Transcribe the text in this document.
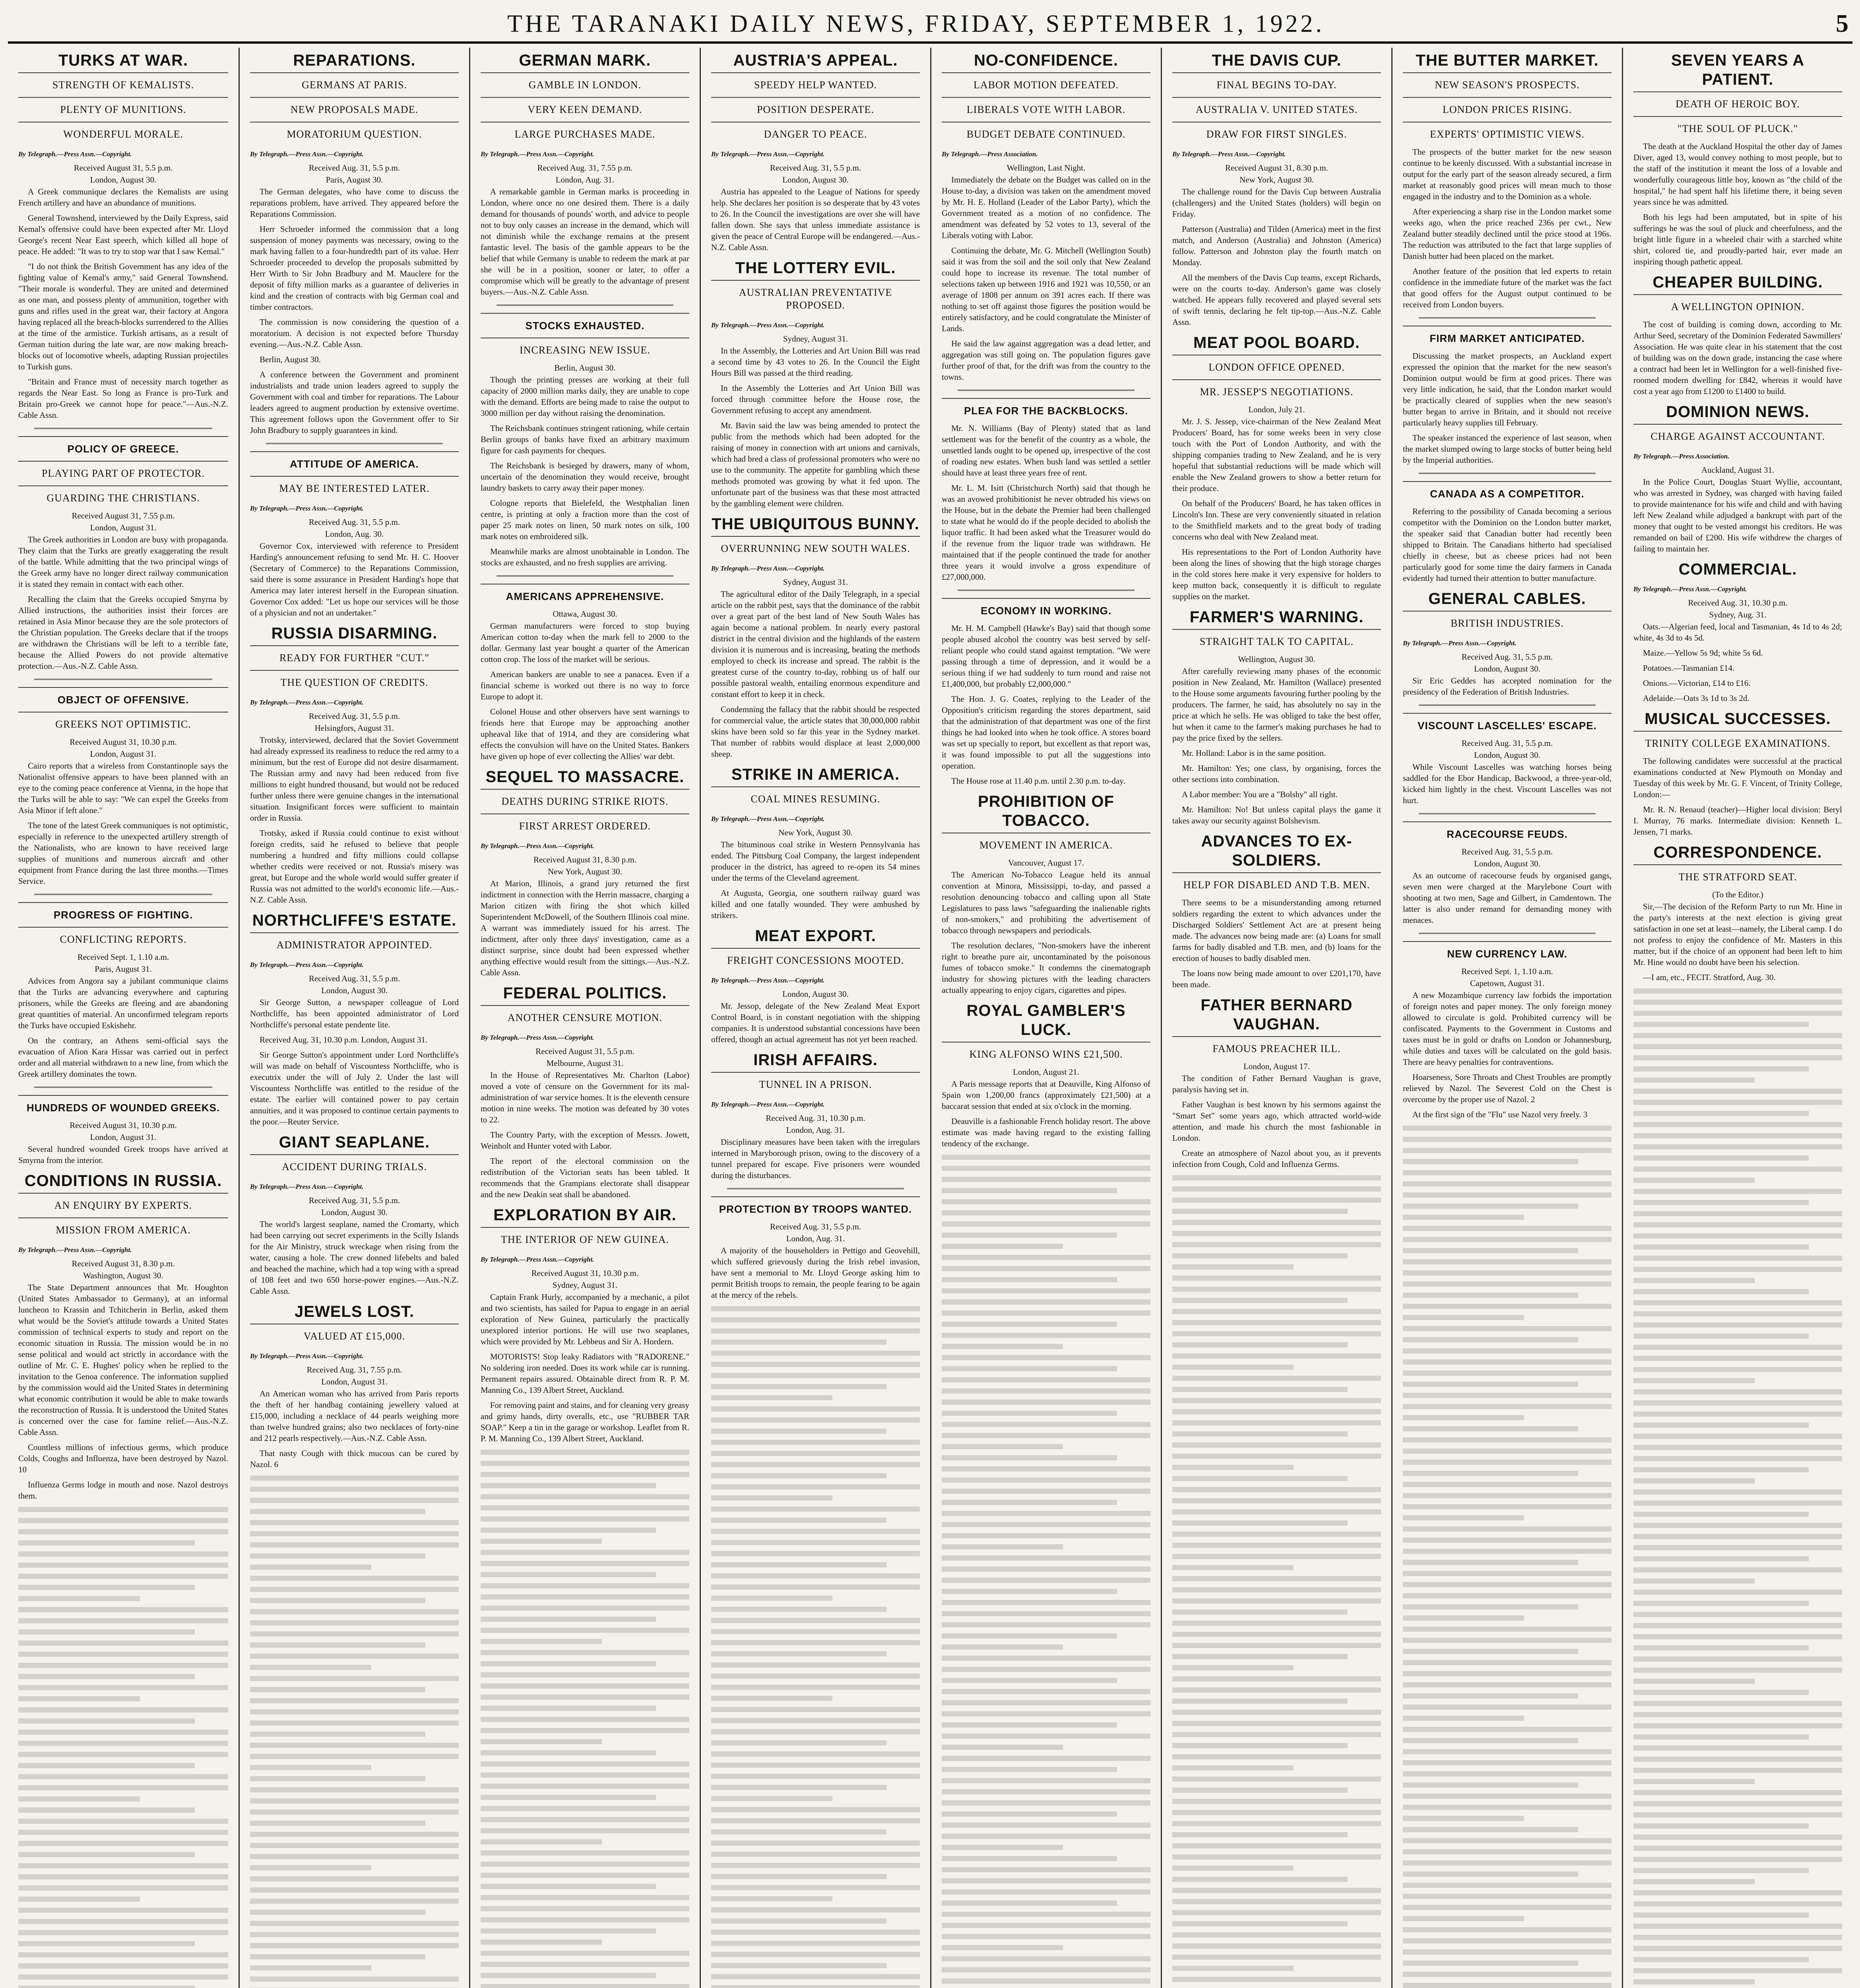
THE TARANAKI DAILY NEWS, FRIDAY, SEPTEMBER 1, 1922.	5
TURKS AT WAR.
STRENGTH OF KEMALISTS.
PLENTY OF MUNITIONS.
WONDERFUL MORALE.
By Telegraph.—Press Assn.—Copyright.
Received August 31, 5.5 p.m.
London, August 30.

A Greek communique declares the Kemalists are using French artillery and have an abundance of munitions.

General Townshend, interviewed by the Daily Express, said Kemal's offensive could have been expected after Mr. Lloyd George's recent Near East speech, which killed all hope of peace. He added: "It was to try to stop war that I saw Kemal."

"I do not think the British Government has any idea of the fighting value of Kemal's army," said General Townshend. "Their morale is wonderful. They are united and determined as one man, and possess plenty of ammunition, together with guns and rifles used in the great war, their factory at Angora having replaced all the breach-blocks surrendered to the Allies at the time of the armistice. Turkish artisans, as a result of German tuition during the late war, are now making breach-blocks out of locomotive wheels, adapting Russian projectiles to Turkish guns.

"Britain and France must of necessity march together as regards the Near East. So long as France is pro-Turk and Britain pro-Greek we cannot hope for peace."—Aus.-N.Z. Cable Assn.

POLICY OF GREECE.
PLAYING PART OF PROTECTOR.
GUARDING THE CHRISTIANS.
Received August 31, 7.55 p.m.
London, August 31.

The Greek authorities in London are busy with propaganda. They claim that the Turks are greatly exaggerating the result of the battle. While admitting that the two principal wings of the Greek army have no longer direct railway communication it is stated they remain in contact with each other.

Recalling the claim that the Greeks occupied Smyrna by Allied instructions, the authorities insist their forces are retained in Asia Minor because they are the sole protectors of the Christian population. The Greeks declare that if the troops are withdrawn the Christians will be left to a terrible fate, because the Allied Powers do not provide alternative protection.—Aus.-N.Z. Cable Assn.

OBJECT OF OFFENSIVE.
GREEKS NOT OPTIMISTIC.
Received August 31, 10.30 p.m.
London, August 31.

Cairo reports that a wireless from Constantinople says the Nationalist offensive appears to have been planned with an eye to the coming peace conference at Vienna, in the hope that the Turks will be able to say: "We can expel the Greeks from Asia Minor if left alone."

The tone of the latest Greek communiques is not optimistic, especially in reference to the unexpected artillery strength of the Nationalists, who are known to have received large supplies of munitions and numerous aircraft and other equipment from France during the last three months.—Times Service.

PROGRESS OF FIGHTING.
CONFLICTING REPORTS.
Received Sept. 1, 1.10 a.m.
Paris, August 31.

Advices from Angora say a jubilant communique claims that the Turks are advancing everywhere and capturing prisoners, while the Greeks are fleeing and are abandoning great quantities of material. An unconfirmed telegram reports the Turks have occupied Eskishehr.

On the contrary, an Athens semi-official says the evacuation of Afion Kara Hissar was carried out in perfect order and all material withdrawn to a new line, from which the Greek artillery dominates the town.

HUNDREDS OF WOUNDED GREEKS.
Received August 31, 10.30 p.m.
London, August 31.

Several hundred wounded Greek troops have arrived at Smyrna from the interior.

CONDITIONS IN RUSSIA.
AN ENQUIRY BY EXPERTS.
MISSION FROM AMERICA.
By Telegraph.—Press Assn.—Copyright.
Received August 31, 8.30 p.m.
Washington, August 30.

The State Department announces that Mr. Houghton (United States Ambassador to Germany), at an informal luncheon to Krassin and Tchitcherin in Berlin, asked them what would be the Soviet's attitude towards a United States commission of technical experts to study and report on the economic situation in Russia. The mission would be in no sense political and would act strictly in accordance with the outline of Mr. C. E. Hughes' policy when he replied to the invitation to the Genoa conference. The information supplied by the commission would aid the United States in determining what economic contribution it would be able to make towards the reconstruction of Russia. It is understood the United States is concerned over the case for famine relief.—Aus.-N.Z. Cable Assn.

Countless millions of infectious germs, which produce Colds, Coughs and Influenza, have been destroyed by Nazol. 10

Influenza Germs lodge in mouth and nose. Nazol destroys them.

REPARATIONS.
GERMANS AT PARIS.
NEW PROPOSALS MADE.
MORATORIUM QUESTION.
By Telegraph.—Press Assn.—Copyright.
Received Aug. 31, 5.5 p.m.
Paris, August 30.

The German delegates, who have come to discuss the reparations problem, have arrived. They appeared before the Reparations Commission.

Herr Schroeder informed the commission that a long suspension of money payments was necessary, owing to the mark having fallen to a four-hundredth part of its value. Herr Schroeder proceeded to develop the proposals submitted by Herr Wirth to Sir John Bradbury and M. Mauclere for the deposit of fifty million marks as a guarantee of deliveries in kind and the creation of contracts with big German coal and timber contractors.

The commission is now considering the question of a moratorium. A decision is not expected before Thursday evening.—Aus.-N.Z. Cable Assn.

Berlin, August 30.

A conference between the Government and prominent industrialists and trade union leaders agreed to supply the Government with coal and timber for reparations. The Labour leaders agreed to augment production by extensive overtime. This agreement follows upon the Government offer to Sir John Bradbury to supply guarantees in kind.

ATTITUDE OF AMERICA.
MAY BE INTERESTED LATER.
By Telegraph.—Press Assn.—Copyright.
Received Aug. 31, 5.5 p.m.
London, Aug. 30.

Governor Cox, interviewed with reference to President Harding's announcement refusing to send Mr. H. C. Hoover (Secretary of Commerce) to the Reparations Commission, said there is some assurance in President Harding's hope that America may later interest herself in the European situation. Governor Cox added: "Let us hope our services will be those of a physician and not an undertaker."

RUSSIA DISARMING.
READY FOR FURTHER "CUT."
THE QUESTION OF CREDITS.
By Telegraph.—Press Assn.—Copyright.
Received Aug. 31, 5.5 p.m.
Helsingfors, August 31.

Trotsky, interviewed, declared that the Soviet Government had already expressed its readiness to reduce the red army to a minimum, but the rest of Europe did not desire disarmament. The Russian army and navy had been reduced from five millions to eight hundred thousand, but would not be reduced further unless there were genuine changes in the international situation. Insignificant forces were sufficient to maintain order in Russia.

Trotsky, asked if Russia could continue to exist without foreign credits, said he refused to believe that people numbering a hundred and fifty millions could collapse whether credits were received or not. Russia's misery was great, but Europe and the whole world would suffer greater if Russia was not admitted to the world's economic life.—Aus.-N.Z. Cable Assn.

NORTHCLIFFE'S ESTATE.
ADMINISTRATOR APPOINTED.
By Telegraph.—Press Assn.—Copyright.
Received Aug. 31, 5.5 p.m.
London, August 30.

Sir George Sutton, a newspaper colleague of Lord Northcliffe, has been appointed administrator of Lord Northcliffe's personal estate pendente lite.

Received Aug. 31, 10.30 p.m. London, August 31.

Sir George Sutton's appointment under Lord Northcliffe's will was made on behalf of Viscountess Northcliffe, who is executrix under the will of July 2. Under the last will Viscountess Northcliffe was entitled to the residue of the estate. The earlier will contained power to pay certain annuities, and it was proposed to continue certain payments to the poor.—Reuter Service.

GIANT SEAPLANE.
ACCIDENT DURING TRIALS.
By Telegraph.—Press Assn.—Copyright.
Received Aug. 31, 5.5 p.m.
London, August 30.

The world's largest seaplane, named the Cromarty, which had been carrying out secret experiments in the Scilly Islands for the Air Ministry, struck wreckage when rising from the water, causing a hole. The crew donned lifebelts and baled and beached the machine, which had a top wing with a spread of 108 feet and two 650 horse-power engines.—Aus.-N.Z. Cable Assn.

JEWELS LOST.
VALUED AT £15,000.
By Telegraph.—Press Assn.—Copyright.
Received Aug. 31, 7.55 p.m.
London, August 31.

An American woman who has arrived from Paris reports the theft of her handbag containing jewellery valued at £15,000, including a necklace of 44 pearls weighing more than twelve hundred grains; also two necklaces of forty-nine and 212 pearls respectively.—Aus.-N.Z. Cable Assn.

That nasty Cough with thick mucous can be cured by Nazol. 6

GERMAN MARK.
GAMBLE IN LONDON.
VERY KEEN DEMAND.
LARGE PURCHASES MADE.
By Telegraph.—Press Assn.—Copyright.
Received Aug. 31, 7.55 p.m.
London, Aug. 31.

A remarkable gamble in German marks is proceeding in London, where once no one desired them. There is a daily demand for thousands of pounds' worth, and advice to people not to buy only causes an increase in the demand, which will not diminish while the exchange remains at the present fantastic level. The basis of the gamble appears to be the belief that while Germany is unable to redeem the mark at par she will be in a position, sooner or later, to offer a compromise which will be greatly to the advantage of present buyers.—Aus.-N.Z. Cable Assn.

STOCKS EXHAUSTED.
INCREASING NEW ISSUE.
Berlin, August 30.

Though the printing presses are working at their full capacity of 2000 million marks daily, they are unable to cope with the demand. Efforts are being made to raise the output to 3000 million per day without raising the denomination.

The Reichsbank continues stringent rationing, while certain Berlin groups of banks have fixed an arbitrary maximum figure for cash payments for cheques.

The Reichsbank is besieged by drawers, many of whom, uncertain of the denomination they would receive, brought laundry baskets to carry away their paper money.

Cologne reports that Bielefeld, the Westphalian linen centre, is printing at only a fraction more than the cost of paper 25 mark notes on linen, 50 mark notes on silk, 100 mark notes on embroidered silk.

Meanwhile marks are almost unobtainable in London. The stocks are exhausted, and no fresh supplies are arriving.

AMERICANS APPREHENSIVE.
Ottawa, August 30.

German manufacturers were forced to stop buying American cotton to-day when the mark fell to 2000 to the dollar. Germany last year bought a quarter of the American cotton crop. The loss of the market will be serious.

American bankers are unable to see a panacea. Even if a financial scheme is worked out there is no way to force Europe to adopt it.

Colonel House and other observers have sent warnings to friends here that Europe may be approaching another upheaval like that of 1914, and they are considering what effects the convulsion will have on the United States. Bankers have given up hope of ever collecting the Allies' war debt.

SEQUEL TO MASSACRE.
DEATHS DURING STRIKE RIOTS.
FIRST ARREST ORDERED.
By Telegraph.—Press Assn.—Copyright.
Received August 31, 8.30 p.m.
New York, August 30.

At Marion, Illinois, a grand jury returned the first indictment in connection with the Herrin massacre, charging a Marion citizen with firing the shot which killed Superintendent McDowell, of the Southern Illinois coal mine. A warrant was immediately issued for his arrest. The indictment, after only three days' investigation, came as a distinct surprise, since doubt had been expressed whether anything effective would result from the sittings.—Aus.-N.Z. Cable Assn.

FEDERAL POLITICS.
ANOTHER CENSURE MOTION.
By Telegraph.—Press Assn.—Copyright.
Received August 31, 5.5 p.m.
Melbourne, August 31.

In the House of Representatives Mr. Charlton (Labor) moved a vote of censure on the Government for its mal-administration of war service homes. It is the eleventh censure motion in nine weeks. The motion was defeated by 30 votes to 22.

The Country Party, with the exception of Messrs. Jowett, Weinholt and Hunter voted with Labor.

The report of the electoral commission on the redistribution of the Victorian seats has been tabled. It recommends that the Grampians electorate shall disappear and the new Deakin seat shall be abandoned.

EXPLORATION BY AIR.
THE INTERIOR OF NEW GUINEA.
By Telegraph.—Press Assn.—Copyright.
Received August 31, 10.30 p.m.
Sydney, August 31.

Captain Frank Hurly, accompanied by a mechanic, a pilot and two scientists, has sailed for Papua to engage in an aerial exploration of New Guinea, particularly the practically unexplored interior portions. He will use two seaplanes, which were provided by Mr. Lebbeus and Sir A. Hordern.

MOTORISTS! Stop leaky Radiators with "RADORENE." No soldering iron needed. Does its work while car is running. Permanent repairs assured. Obtainable direct from R. P. M. Manning Co., 139 Albert Street, Auckland.

For removing paint and stains, and for cleaning very greasy and grimy hands, dirty overalls, etc., use "RUBBER TAR SOAP." Keep a tin in the garage or workshop. Leaflet from R. P. M. Manning Co., 139 Albert Street, Auckland.

AUSTRIA'S APPEAL.
SPEEDY HELP WANTED.
POSITION DESPERATE.
DANGER TO PEACE.
By Telegraph.—Press Assn.—Copyright.
Received Aug. 31, 5.5 p.m.
London, August 30.

Austria has appealed to the League of Nations for speedy help. She declares her position is so desperate that by 43 votes to 26. In the Council the investigations are over she will have fallen down. She says that unless immediate assistance is given the peace of Central Europe will be endangered.—Aus.-N.Z. Cable Assn.

THE LOTTERY EVIL.
AUSTRALIAN PREVENTATIVE PROPOSED.
By Telegraph.—Press Assn.—Copyright.
Sydney, August 31.

In the Assembly, the Lotteries and Art Union Bill was read a second time by 43 votes to 26. In the Council the Eight Hours Bill was passed at the third reading.

In the Assembly the Lotteries and Art Union Bill was forced through committee before the House rose, the Government refusing to accept any amendment.

Mr. Bavin said the law was being amended to protect the public from the methods which had been adopted for the raising of money in connection with art unions and carnivals, which had bred a class of professional promoters who were no use to the community. The appetite for gambling which these methods promoted was growing by what it fed upon. The unfortunate part of the business was that these most attracted by the gambling element were children.

THE UBIQUITOUS BUNNY.
OVERRUNNING NEW SOUTH WALES.
By Telegraph.—Press Assn.—Copyright.
Sydney, August 31.

The agricultural editor of the Daily Telegraph, in a special article on the rabbit pest, says that the dominance of the rabbit over a great part of the best land of New South Wales has again become a national problem. In nearly every pastoral district in the central division and the highlands of the eastern division it is numerous and is increasing, beating the methods employed to check its increase and spread. The rabbit is the greatest curse of the country to-day, robbing us of half our possible pastoral wealth, entailing enormous expenditure and constant effort to keep it in check.

Condemning the fallacy that the rabbit should be respected for commercial value, the article states that 30,000,000 rabbit skins have been sold so far this year in the Sydney market. That number of rabbits would displace at least 2,000,000 sheep.

STRIKE IN AMERICA.
COAL MINES RESUMING.
By Telegraph.—Press Assn.—Copyright.
New York, August 30.

The bituminous coal strike in Western Pennsylvania has ended. The Pittsburg Coal Company, the largest independent producer in the district, has agreed to re-open its 54 mines under the terms of the Cleveland agreement.

At Augusta, Georgia, one southern railway guard was killed and one fatally wounded. They were ambushed by strikers.

MEAT EXPORT.
FREIGHT CONCESSIONS MOOTED.
By Telegraph.—Press Assn.—Copyright.
London, August 30.

Mr. Jessop, delegate of the New Zealand Meat Export Control Board, is in constant negotiation with the shipping companies. It is understood substantial concessions have been offered, though an actual agreement has not yet been reached.

IRISH AFFAIRS.
TUNNEL IN A PRISON.
By Telegraph.—Press Assn.—Copyright.
Received Aug. 31, 10.30 p.m.
London, Aug. 31.

Disciplinary measures have been taken with the irregulars interned in Maryborough prison, owing to the discovery of a tunnel prepared for escape. Five prisoners were wounded during the disturbances.

PROTECTION BY TROOPS WANTED.
Received Aug. 31, 5.5 p.m.
London, Aug. 31.

A majority of the householders in Pettigo and Geovehill, which suffered grievously during the Irish rebel invasion, have sent a memorial to Mr. Lloyd George asking him to permit British troops to remain, the people fearing to be again at the mercy of the rebels.

NO-CONFIDENCE.
LABOR MOTION DEFEATED.
LIBERALS VOTE WITH LABOR.
BUDGET DEBATE CONTINUED.
By Telegraph.—Press Association.
Wellington, Last Night.

Immediately the debate on the Budget was called on in the House to-day, a division was taken on the amendment moved by Mr. H. E. Holland (Leader of the Labor Party), which the Government treated as a motion of no confidence. The amendment was defeated by 52 votes to 13, several of the Liberals voting with Labor.

Continuing the debate, Mr. G. Mitchell (Wellington South) said it was from the soil and the soil only that New Zealand could hope to increase its revenue. The total number of selections taken up between 1916 and 1921 was 10,550, or an average of 1808 per annum on 391 acres each. If there was nothing to set off against those figures the position would be entirely satisfactory, and he could congratulate the Minister of Lands.

He said the law against aggregation was a dead letter, and aggregation was still going on. The population figures gave further proof of that, for the drift was from the country to the towns.

PLEA FOR THE BACKBLOCKS.

Mr. N. Williams (Bay of Plenty) stated that as land settlement was for the benefit of the country as a whole, the unsettled lands ought to be opened up, irrespective of the cost of roading new estates. When bush land was settled a settler should have at least three years free of rent.

Mr. L. M. Isitt (Christchurch North) said that though he was an avowed prohibitionist he never obtruded his views on the House, but in the debate the Premier had been challenged to state what he would do if the people decided to abolish the liquor traffic. It had been asked what the Treasurer would do if the revenue from the liquor trade was withdrawn. He maintained that if the people continued the trade for another three years it would involve a gross expenditure of £27,000,000.

ECONOMY IN WORKING.

Mr. H. M. Campbell (Hawke's Bay) said that though some people abused alcohol the country was best served by self-reliant people who could stand against temptation. "We were passing through a time of depression, and it would be a serious thing if we had suddenly to turn round and raise not £1,400,000, but probably £2,000,000."

The Hon. J. G. Coates, replying to the Leader of the Opposition's criticism regarding the stores department, said that the administration of that department was one of the first things he had looked into when he took office. A stores board was set up specially to report, but excellent as that report was, it was found impossible to put all the suggestions into operation.

The House rose at 11.40 p.m. until 2.30 p.m. to-day.

PROHIBITION OF TOBACCO.
MOVEMENT IN AMERICA.
Vancouver, August 17.

The American No-Tobacco League held its annual convention at Minora, Mississippi, to-day, and passed a resolution denouncing tobacco and calling upon all State Legislatures to pass laws "safeguarding the inalienable rights of non-smokers," and prohibiting the advertisement of tobacco through newspapers and periodicals.

The resolution declares, "Non-smokers have the inherent right to breathe pure air, uncontaminated by the poisonous fumes of tobacco smoke." It condemns the cinematograph industry for showing pictures with the leading characters actually appearing to enjoy cigars, cigarettes and pipes.

ROYAL GAMBLER'S LUCK.
KING ALFONSO WINS £21,500.
London, August 21.

A Paris message reports that at Deauville, King Alfonso of Spain won 1,200,00 francs (approximately £21,500) at a baccarat session that ended at six o'clock in the morning.

Deauville is a fashionable French holiday resort. The above estimate was made having regard to the existing falling tendency of the exchange.

THE DAVIS CUP.
FINAL BEGINS TO-DAY.
AUSTRALIA V. UNITED STATES.
DRAW FOR FIRST SINGLES.
By Telegraph.—Press Assn.—Copyright.
Received August 31, 8.30 p.m.
New York, August 30.

The challenge round for the Davis Cup between Australia (challengers) and the United States (holders) will begin on Friday.

Patterson (Australia) and Tilden (America) meet in the first match, and Anderson (Australia) and Johnston (America) follow. Patterson and Johnston play the fourth match on Monday.

All the members of the Davis Cup teams, except Richards, were on the courts to-day. Anderson's game was closely watched. He appears fully recovered and played several sets of swift tennis, declaring he felt tip-top.—Aus.-N.Z. Cable Assn.

MEAT POOL BOARD.
LONDON OFFICE OPENED.
MR. JESSEP'S NEGOTIATIONS.
London, July 21.

Mr. J. S. Jessep, vice-chairman of the New Zealand Meat Producers' Board, has for some weeks been in very close touch with the Port of London Authority, and with the shipping companies trading to New Zealand, and he is very hopeful that substantial reductions will be made which will enable the New Zealand growers to show a better return for their produce.

On behalf of the Producers' Board, he has taken offices in Lincoln's Inn. These are very conveniently situated in relation to the Smithfield markets and to the great body of trading concerns who deal with New Zealand meat.

His representations to the Port of London Authority have been along the lines of showing that the high storage charges in the cold stores here make it very expensive for holders to keep mutton back, consequently it is difficult to regulate supplies on the market.

FARMER'S WARNING.
STRAIGHT TALK TO CAPITAL.
Wellington, August 30.

After carefully reviewing many phases of the economic position in New Zealand, Mr. Hamilton (Wallace) presented to the House some arguments favouring further pooling by the producers. The farmer, he said, has absolutely no say in the price at which he sells. He was obliged to take the best offer, but when it came to the farmer's making purchases he had to pay the price fixed by the sellers.

Mr. Holland: Labor is in the same position.

Mr. Hamilton: Yes; one class, by organising, forces the other sections into combination.

A Labor member: You are a "Bolshy" all right.

Mr. Hamilton: No! But unless capital plays the game it takes away our security against Bolshevism.

ADVANCES TO EX-SOLDIERS.
HELP FOR DISABLED AND T.B. MEN.

There seems to be a misunderstanding among returned soldiers regarding the extent to which advances under the Discharged Soldiers' Settlement Act are at present being made. The advances now being made are: (a) Loans for small farms for badly disabled and T.B. men, and (b) loans for the erection of houses to badly disabled men.

The loans now being made amount to over £201,170, have been made.

FATHER BERNARD VAUGHAN.
FAMOUS PREACHER ILL.
London, August 17.

The condition of Father Bernard Vaughan is grave, paralysis having set in.

Father Vaughan is best known by his sermons against the "Smart Set" some years ago, which attracted world-wide attention, and made his church the most fashionable in London.

Create an atmosphere of Nazol about you, as it prevents infection from Cough, Cold and Influenza Germs.

THE BUTTER MARKET.
NEW SEASON'S PROSPECTS.
LONDON PRICES RISING.
EXPERTS' OPTIMISTIC VIEWS.

The prospects of the butter market for the new season continue to be keenly discussed. With a substantial increase in output for the early part of the season already secured, a firm market at reasonably good prices will mean much to those engaged in the industry and to the Dominion as a whole.

After experiencing a sharp rise in the London market some weeks ago, when the price reached 236s per cwt., New Zealand butter steadily declined until the price stood at 196s. The reduction was attributed to the fact that large supplies of Danish butter had been placed on the market.

Another feature of the position that led experts to retain confidence in the immediate future of the market was the fact that good offers for the August output continued to be received from London buyers.

FIRM MARKET ANTICIPATED.

Discussing the market prospects, an Auckland expert expressed the opinion that the market for the new season's Dominion output would be firm at good prices. There was very little indication, he said, that the London market would be practically cleared of supplies when the new season's butter began to arrive in Britain, and it should not receive particularly heavy supplies till February.

The speaker instanced the experience of last season, when the market slumped owing to large stocks of butter being held by the Imperial authorities.

CANADA AS A COMPETITOR.

Referring to the possibility of Canada becoming a serious competitor with the Dominion on the London butter market, the speaker said that Canadian butter had recently been shipped to Britain. The Canadians hitherto had specialised chiefly in cheese, but as cheese prices had not been particularly good for some time the dairy farmers in Canada evidently had turned their attention to butter manufacture.

GENERAL CABLES.
BRITISH INDUSTRIES.
By Telegraph.—Press Assn.—Copyright.
Received Aug. 31, 5.5 p.m.
London, August 30.

Sir Eric Geddes has accepted nomination for the presidency of the Federation of British Industries.

VISCOUNT LASCELLES' ESCAPE.
Received Aug. 31, 5.5 p.m.
London, August 30.

While Viscount Lascelles was watching horses being saddled for the Ebor Handicap, Backwood, a three-year-old, kicked him lightly in the chest. Viscount Lascelles was not hurt.

RACECOURSE FEUDS.
Received Aug. 31, 5.5 p.m.
London, August 30.

As an outcome of racecourse feuds by organised gangs, seven men were charged at the Marylebone Court with shooting at two men, Sage and Gilbert, in Camdentown. The latter is also under remand for demanding money with menaces.

NEW CURRENCY LAW.
Received Sept. 1, 1.10 a.m.
Capetown, August 31.

A new Mozambique currency law forbids the importation of foreign notes and paper money. The only foreign money allowed to circulate is gold. Prohibited currency will be confiscated. Payments to the Government in Customs and taxes must be in gold or drafts on London or Johannesburg, while duties and taxes will be calculated on the gold basis. There are heavy penalties for contraventions.

Hoarseness, Sore Throats and Chest Troubles are promptly relieved by Nazol. The Severest Cold on the Chest is overcome by the proper use of Nazol. 2

At the first sign of the "Flu" use Nazol very freely. 3

SEVEN YEARS A PATIENT.
DEATH OF HEROIC BOY.
"THE SOUL OF PLUCK."

The death at the Auckland Hospital the other day of James Diver, aged 13, would convey nothing to most people, but to the staff of the institution it meant the loss of a lovable and wonderfully courageous little boy, known as "the child of the hospital," he had spent half his lifetime there, it being seven years since he was admitted.

Both his legs had been amputated, but in spite of his sufferings he was the soul of pluck and cheerfulness, and the bright little figure in a wheeled chair with a starched white shirt, colored tie, and proudly-parted hair, ever made an inspiring though pathetic appeal.

CHEAPER BUILDING.
A WELLINGTON OPINION.

The cost of building is coming down, according to Mr. Arthur Seed, secretary of the Dominion Federated Sawmillers' Association. He was quite clear in his statement that the cost of building was on the down grade, instancing the case where a contract had been let in Wellington for a well-finished five-roomed modern dwelling for £842, whereas it would have cost a year ago from £1200 to £1400 to build.

DOMINION NEWS.
CHARGE AGAINST ACCOUNTANT.
By Telegraph.—Press Association.
Auckland, August 31.

In the Police Court, Douglas Stuart Wyllie, accountant, who was arrested in Sydney, was charged with having failed to provide maintenance for his wife and child and with having left New Zealand while adjudged a bankrupt with part of the money that ought to be vested amongst his creditors. He was remanded on bail of £200. His wife withdrew the charges of failing to maintain her.

COMMERCIAL.
By Telegraph.—Press Assn.—Copyright.
Received Aug. 31, 10.30 p.m.
Sydney, Aug. 31.

Oats.—Algerian feed, local and Tasmanian, 4s 1d to 4s 2d; white, 4s 3d to 4s 5d.

Maize.—Yellow 5s 9d; white 5s 6d.

Potatoes.—Tasmanian £14.

Onions.—Victorian, £14 to £16.

Adelaide.—Oats 3s 1d to 3s 2d.

MUSICAL SUCCESSES.
TRINITY COLLEGE EXAMINATIONS.

The following candidates were successful at the practical examinations conducted at New Plymouth on Monday and Tuesday of this week by Mr. G. F. Vincent, of Trinity College, London:—

Mr. R. N. Renaud (teacher)—Higher local division: Beryl I. Murray, 76 marks. Intermediate division: Kenneth L. Jensen, 71 marks.

CORRESPONDENCE.
THE STRATFORD SEAT.
(To the Editor.)

Sir,—The decision of the Reform Party to run Mr. Hine in the party's interests at the next election is giving great satisfaction in one set at least—namely, the Liberal camp. I do not profess to enjoy the confidence of Mr. Masters in this matter, but if the choice of an opponent had been left to him Mr. Hine would no doubt have been his selection.

—I am, etc., FECIT. Stratford, Aug. 30.
